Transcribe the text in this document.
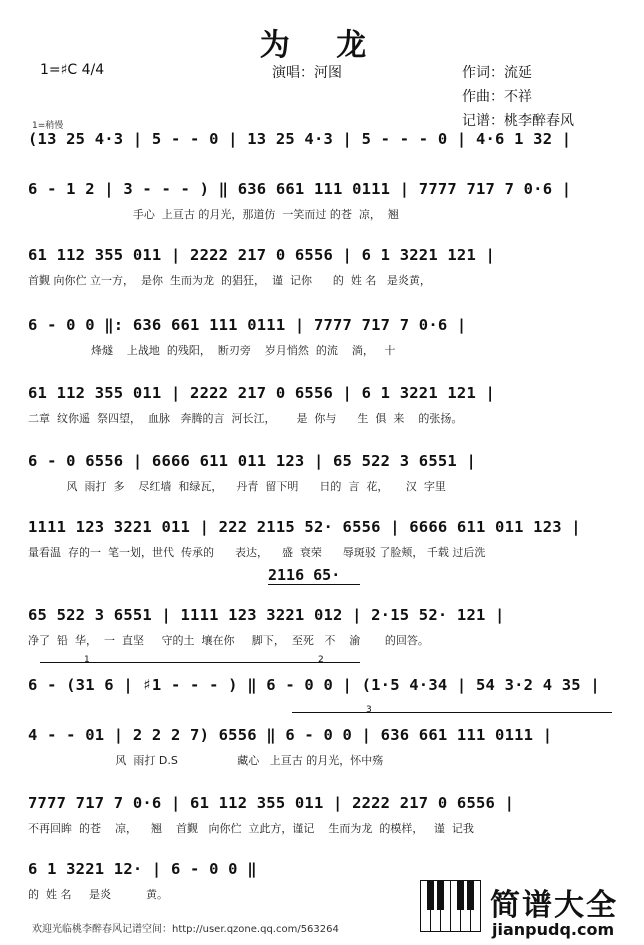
为 龙
1=♯C 4/4	演唱：河图	作词：流延
作曲：不祥
记谱：桃李醉春风
1=稍慢
(13 25 4·3 | 5 - - 0 | 13 25 4·3 | 5 - - - 0 | 4·6 1 32 |
6 - 1 2 | 3 - - - ) ‖ 636 661 111 0111 | 7777 717 7 0·6 |
手心  上亘古 的月光，那道仿  一笑而过 的苍  凉，  翘
61 112 355 011 | 2222 217 0 6556 | 6 1 3221 121 |
首觐 向你伫 立一方，  是你  生而为龙  的猖狂，  谨  记你      的  姓 名   是炎黄，
6 - 0 0 ‖: 636 661 111 0111 | 7777 717 7 0·6 |
烽燧    上战地  的残阳，  断刃旁    岁月悄然  的流    淌，   十
61 112 355 011 | 2222 217 0 6556 | 6 1 3221 121 |
二章  纹你遥  祭四望，  血脉   奔腾的言  河长江，      是  你与      生  俱  来    的张扬。
6 - 0 6556 | 6666 611 011 123 | 65 522 3 6551 |
风  雨打  多    尽红墙  和绿瓦，    丹青  留下明      日的  言  花，     汉  字里
1111 123 3221 011 | 222 2115 52· 6556 | 6666 611 011 123 |
量看温  存的一  笔一划，世代  传承的      表达，    盛  衰荣      辱斑驳 了脸颊， 千载 过后洗
2116 65·
65 522 3 6551 | 1111 123 3221 012 | 2·15 52· 121 |
净了  铅  华，  一  直坚     守的土  壤在你     脚下，  至死   不    渝       的回答。
1	2
6 - (31 6 | ♯1 - - - ) ‖ 6 - 0 0 | (1·5 4·34 | 54 3·2 4 35 |
3
4 - - 01 | 2 2 2 7) 6556 ‖ 6 - 0 0 | 636 661 111 0111 |
风  雨打 D.S                 藏心   上亘古 的月光，怀中殇
7777 717 7 0·6 | 61 112 355 011 | 2222 217 0 6556 |
不再回眸  的苍    凉，    翘    首觐   向你伫  立此方，谨记    生而为龙  的模样，   谨  记我
6 1 3221 12· | 6 - 0 0 ‖
的  姓 名     是炎          黄。
欢迎光临桃李醉春风记谱空间：http://user.qzone.qq.com/563264
简谱大全
jianpudq.com
